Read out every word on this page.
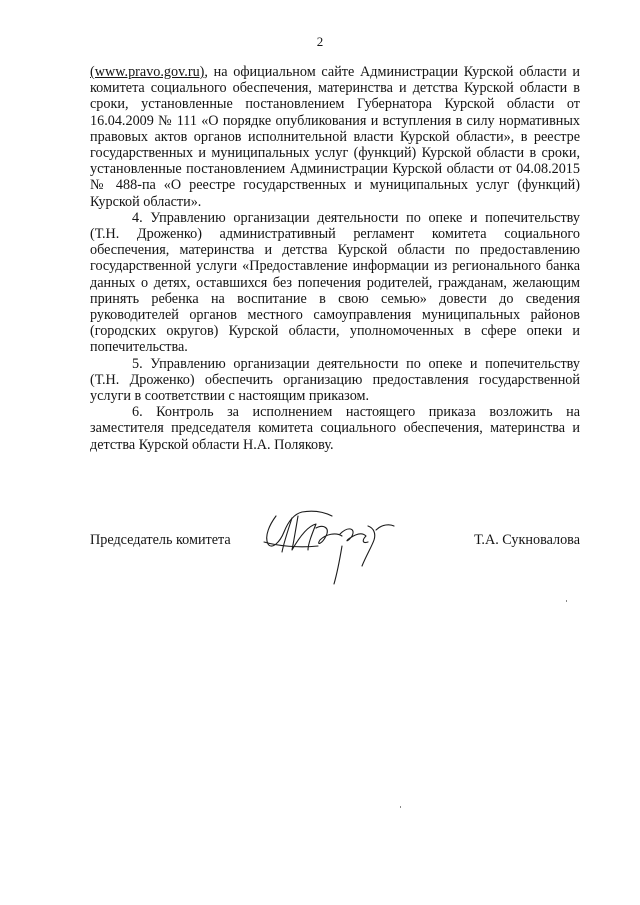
2

(www.pravo.gov.ru), на официальном сайте Администрации Курской области и комитета социального обеспечения, материнства и детства Курской области в сроки, установленные постановлением Губернатора Курской области от 16.04.2009 № 111 «О порядке опубликования и вступления в силу нормативных правовых актов органов исполнительной власти Курской области», в реестре государственных и муниципальных услуг (функций) Курской области в сроки, установленные постановлением Администрации Курской области от 04.08.2015 № 488-па «О реестре государственных и муниципальных услуг (функций) Курской области».

4. Управлению организации деятельности по опеке и попечительству (Т.Н. Дроженко) административный регламент комитета социального обеспечения, материнства и детства Курской области по предоставлению государственной услуги «Предоставление информации из регионального банка данных о детях, оставшихся без попечения родителей, гражданам, желающим принять ребенка на воспитание в свою семью» довести до сведения руководителей органов местного самоуправления муниципальных районов (городских округов) Курской области, уполномоченных в сфере опеки и попечительства.

5. Управлению организации деятельности по опеке и попечительству (Т.Н. Дроженко) обеспечить организацию предоставления государственной услуги в соответствии с настоящим приказом.

6. Контроль за исполнением настоящего приказа возложить на заместителя председателя комитета социального обеспечения, материнства и детства Курской области Н.А. Полякову.

Председатель комитета	Т.А. Сукновалова
